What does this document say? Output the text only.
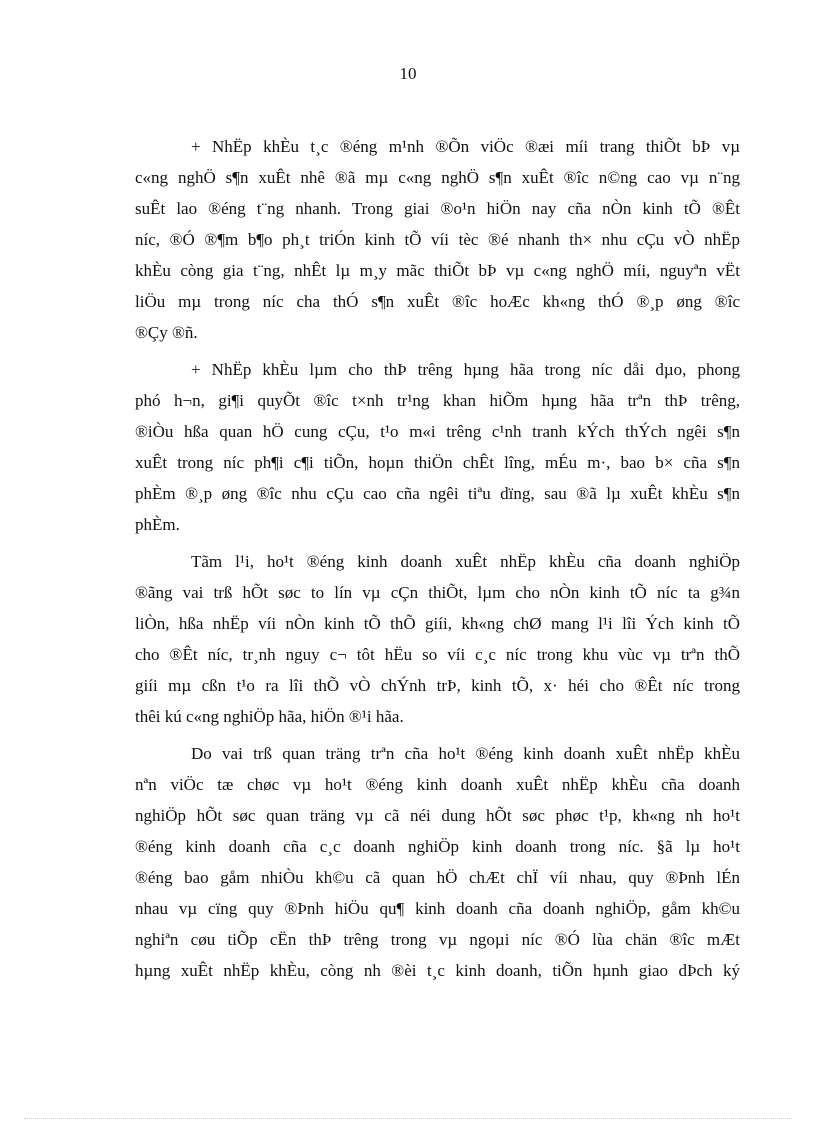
10
+ NhËp khÈu t¸c ®éng m¹nh ®Õn viÖc ®æi míi trang thiÕt bÞ vµ
c«ng nghÖ s¶n xuÊt nhê ®ã mµ c«ng nghÖ s¶n xuÊt ®îc n©ng cao vµ n¨ng
suÊt lao ®éng t¨ng nhanh. Trong giai ®o¹n hiÖn nay cña nÒn kinh tÕ ®Êt
níc, ®Ó ®¶m b¶o ph¸t triÓn kinh tÕ víi tèc ®é nhanh th× nhu cÇu vÒ nhËp
khÈu còng gia t¨ng, nhÊt lµ m¸y mãc thiÕt bÞ vµ c«ng nghÖ míi, nguyªn vËt
liÖu mµ trong níc cha thÓ s¶n xuÊt ®îc hoÆc kh«ng thÓ ®¸p øng ®îc
®Çy ®ñ.
+ NhËp khÈu lµm cho thÞ trêng hµng hãa trong níc dåi dµo, phong
phó h¬n, gi¶i quyÕt ®îc t×nh tr¹ng khan hiÕm hµng hãa trªn thÞ trêng,
®iÒu hßa quan hÖ cung cÇu, t¹o m«i trêng c¹nh tranh kÝch thÝch ngêi s¶n
xuÊt trong níc ph¶i c¶i tiÕn, hoµn thiÖn chÊt lîng, mÉu m·, bao b× cña s¶n
phÈm ®¸p øng ®îc nhu cÇu cao cña ngêi tiªu dïng, sau ®ã lµ xuÊt khÈu s¶n
phÈm.
Tãm l¹i, ho¹t ®éng kinh doanh xuÊt nhËp khÈu cña doanh nghiÖp
®ãng vai trß hÕt søc to lín vµ cÇn thiÕt, lµm cho nÒn kinh tÕ níc ta g¾n
liÒn, hßa nhËp víi nÒn kinh tÕ thÕ giíi, kh«ng chØ mang l¹i lîi Ých kinh tÕ
cho ®Êt níc, tr¸nh nguy c¬ tôt hËu so víi c¸c níc trong khu vùc vµ trªn thÕ
giíi mµ cßn t¹o ra lîi thÕ vÒ chÝnh trÞ, kinh tÕ, x· héi cho ®Êt níc trong
thêi kú c«ng nghiÖp hãa, hiÖn ®¹i hãa.
Do vai trß quan träng trªn cña ho¹t ®éng kinh doanh xuÊt nhËp khÈu
nªn viÖc tæ chøc vµ ho¹t ®éng kinh doanh xuÊt nhËp khÈu cña doanh
nghiÖp hÕt søc quan träng vµ cã néi dung hÕt søc phøc t¹p, kh«ng nh ho¹t
®éng kinh doanh cña c¸c doanh nghiÖp kinh doanh trong níc. §ã lµ ho¹t
®éng bao gåm nhiÒu kh©u cã quan hÖ chÆt chÏ víi nhau, quy ®Þnh lÉn
nhau vµ cïng quy ®Þnh hiÖu qu¶ kinh doanh cña doanh nghiÖp, gåm kh©u
nghiªn cøu tiÕp cËn thÞ trêng trong vµ ngoµi níc ®Ó lùa chän ®îc mÆt
hµng xuÊt nhËp khÈu, còng nh ®èi t¸c kinh doanh, tiÕn hµnh giao dÞch ký
